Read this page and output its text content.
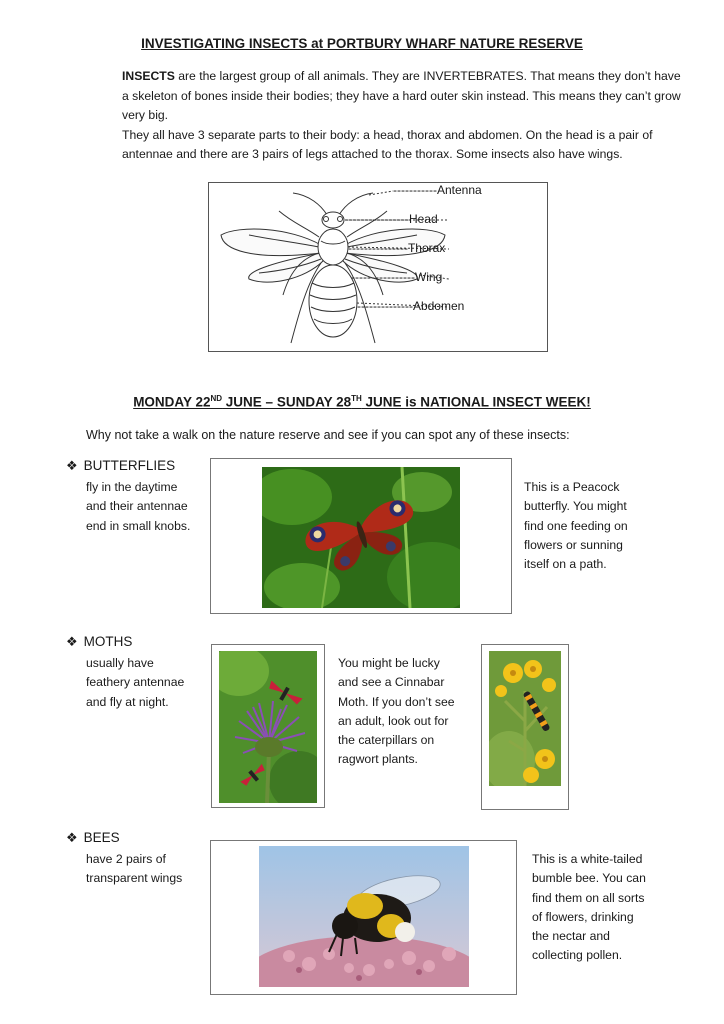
INVESTIGATING INSECTS at PORTBURY WHARF NATURE RESERVE

INSECTS are the largest group of all animals. They are INVERTEBRATES. That means they don’t have a skeleton of bones inside their bodies; they have a hard outer skin instead. This means they can’t grow very big.

They all have 3 separate parts to their body: a head, thorax and abdomen. On the head is a pair of antennae and there are 3 pairs of legs attached to the thorax. Some insects also have wings.

-----------Antenna
----------------Head
---------------Thorax
----------------Wing
--------------Abdomen
MONDAY 22ND JUNE – SUNDAY 28TH JUNE is NATIONAL INSECT WEEK!
Why not take a walk on the nature reserve and see if you can spot any of these insects:
❖ BUTTERFLIES
fly in the daytime
and their antennae
end in small knobs.
This is a Peacock
butterfly. You might
find one feeding on
flowers or sunning
itself on a path.
❖ MOTHS
usually have
feathery antennae
and fly at night.
You might be lucky
and see a Cinnabar
Moth. If you don’t see
an adult, look out for
the caterpillars on
ragwort plants.
❖ BEES
have 2 pairs of
transparent wings
This is a white-tailed
bumble bee. You can
find them on all sorts
of flowers, drinking
the nectar and
collecting pollen.
